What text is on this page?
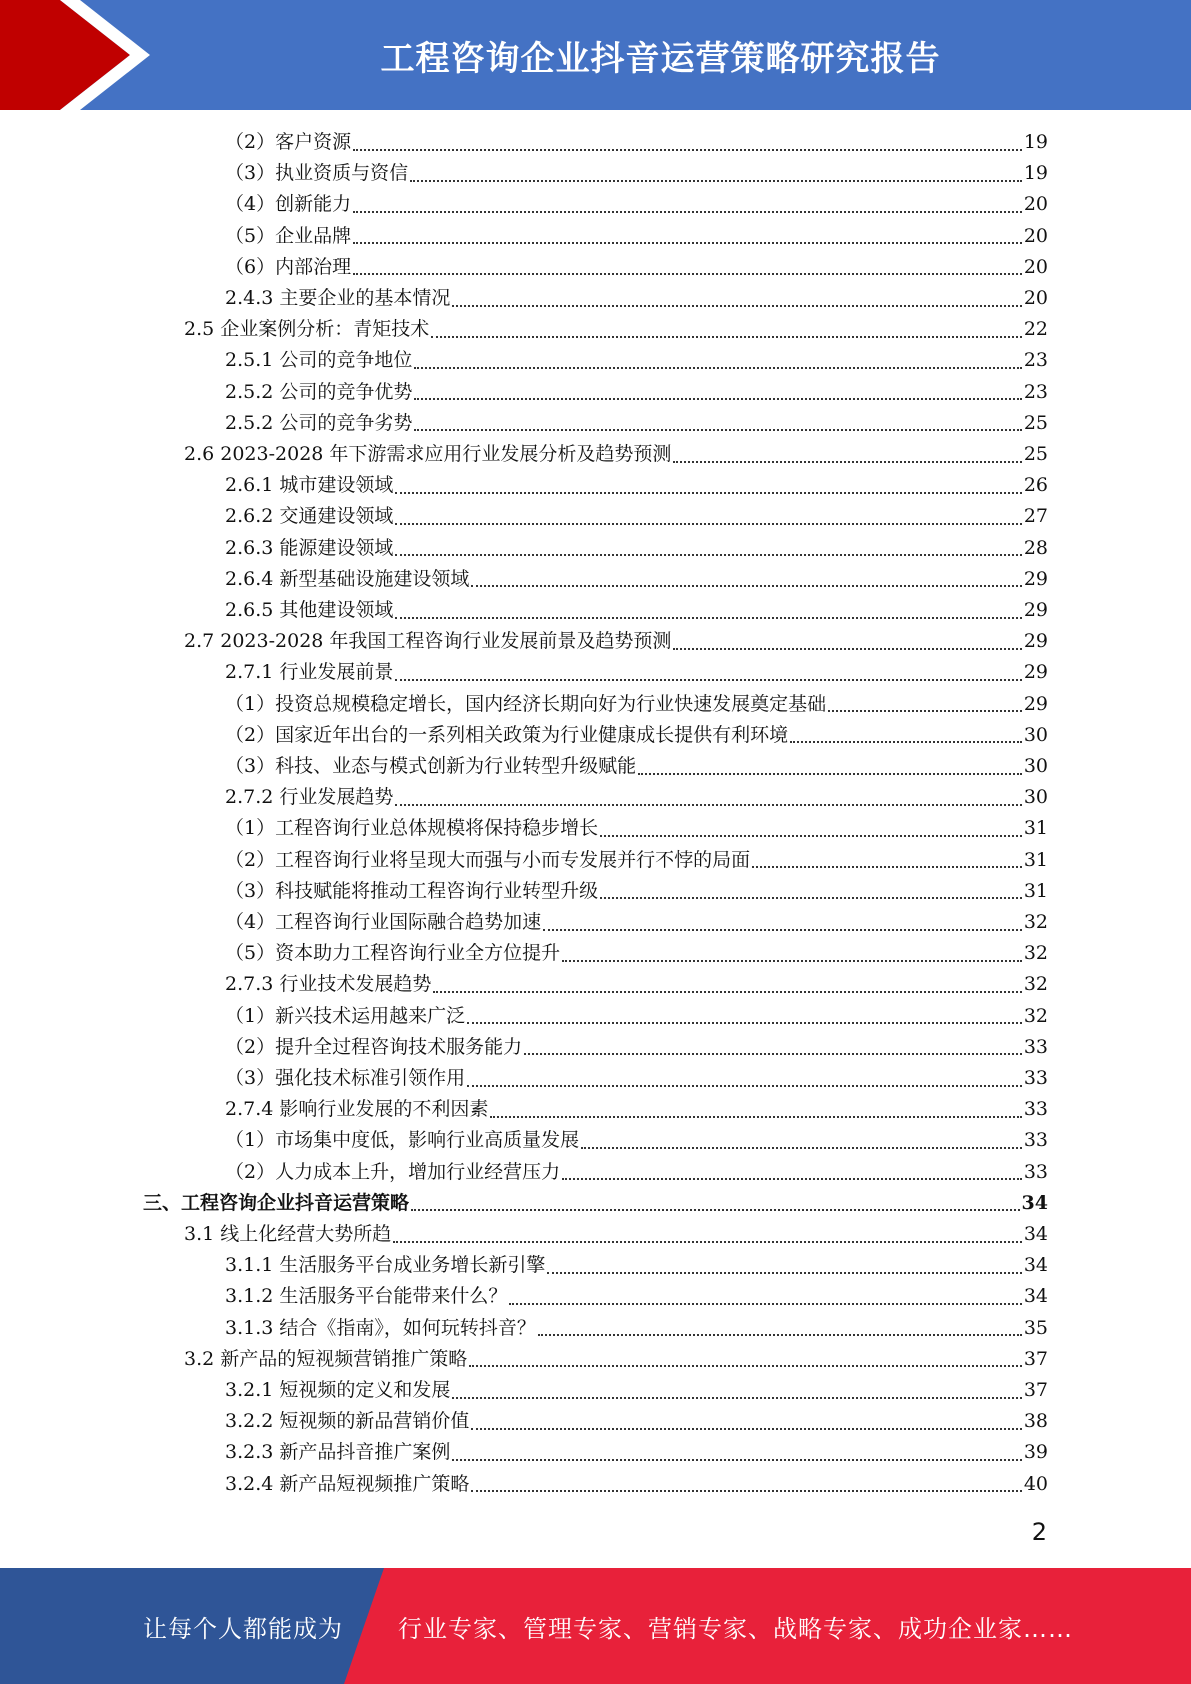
工程咨询企业抖音运营策略研究报告
（2）客户资源	19
（3）执业资质与资信	19
（4）创新能力	20
（5）企业品牌	20
（6）内部治理	20
2.4.3 主要企业的基本情况	20
2.5 企业案例分析：青矩技术	22
2.5.1 公司的竞争地位	23
2.5.2 公司的竞争优势	23
2.5.2 公司的竞争劣势	25
2.6 2023-2028 年下游需求应用行业发展分析及趋势预测	25
2.6.1 城市建设领域	26
2.6.2 交通建设领域	27
2.6.3 能源建设领域	28
2.6.4 新型基础设施建设领域	29
2.6.5 其他建设领域	29
2.7 2023-2028 年我国工程咨询行业发展前景及趋势预测	29
2.7.1 行业发展前景	29
（1）投资总规模稳定增长，国内经济长期向好为行业快速发展奠定基础	29
（2）国家近年出台的一系列相关政策为行业健康成长提供有利环境	30
（3）科技、业态与模式创新为行业转型升级赋能	30
2.7.2 行业发展趋势	30
（1）工程咨询行业总体规模将保持稳步增长	31
（2）工程咨询行业将呈现大而强与小而专发展并行不悖的局面	31
（3）科技赋能将推动工程咨询行业转型升级	31
（4）工程咨询行业国际融合趋势加速	32
（5）资本助力工程咨询行业全方位提升	32
2.7.3 行业技术发展趋势	32
（1）新兴技术运用越来广泛	32
（2）提升全过程咨询技术服务能力	33
（3）强化技术标准引领作用	33
2.7.4 影响行业发展的不利因素	33
（1）市场集中度低，影响行业高质量发展	33
（2）人力成本上升，增加行业经营压力	33
三、工程咨询企业抖音运营策略	34
3.1 线上化经营大势所趋	34
3.1.1 生活服务平台成业务增长新引擎	34
3.1.2 生活服务平台能带来什么？	34
3.1.3 结合《指南》，如何玩转抖音？	35
3.2 新产品的短视频营销推广策略	37
3.2.1 短视频的定义和发展	37
3.2.2 短视频的新品营销价值	38
3.2.3 新产品抖音推广案例	39
3.2.4 新产品短视频推广策略	40
2
让每个人都能成为 行业专家、管理专家、营销专家、战略专家、成功企业家……
